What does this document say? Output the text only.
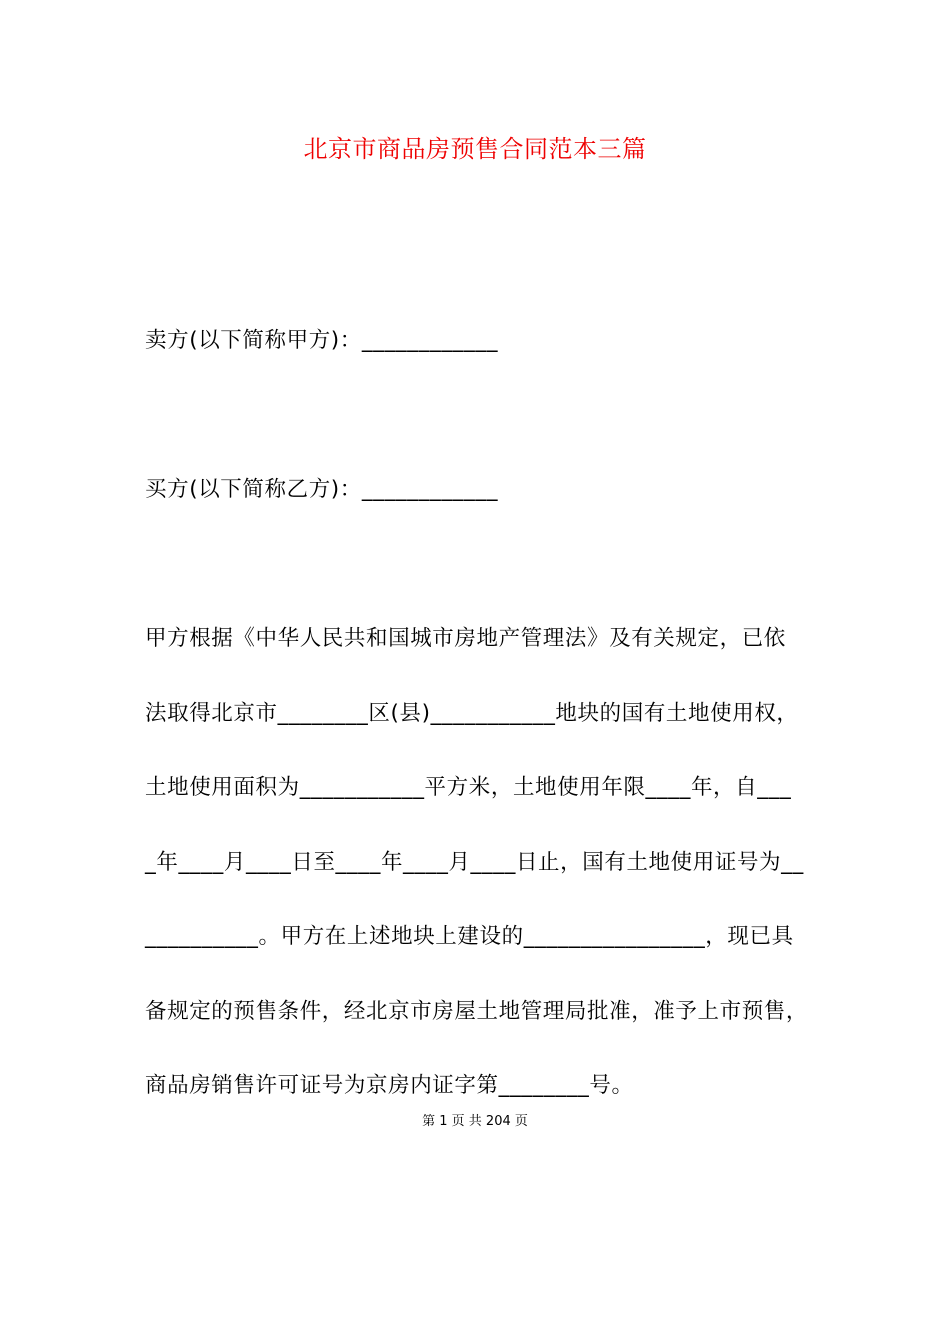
北京市商品房预售合同范本三篇
卖方(以下简称甲方)：____________
买方(以下简称乙方)：____________
甲方根据《中华人民共和国城市房地产管理法》及有关规定，已依
法取得北京市________区(县)___________地块的国有土地使用权，
土地使用面积为___________平方米，土地使用年限____年，自___
_年____月____日至____年____月____日止，国有土地使用证号为__
__________。甲方在上述地块上建设的________________，现已具
备规定的预售条件，经北京市房屋土地管理局批准，准予上市预售，
商品房销售许可证号为京房内证字第________号。
第 1 页 共 204 页
